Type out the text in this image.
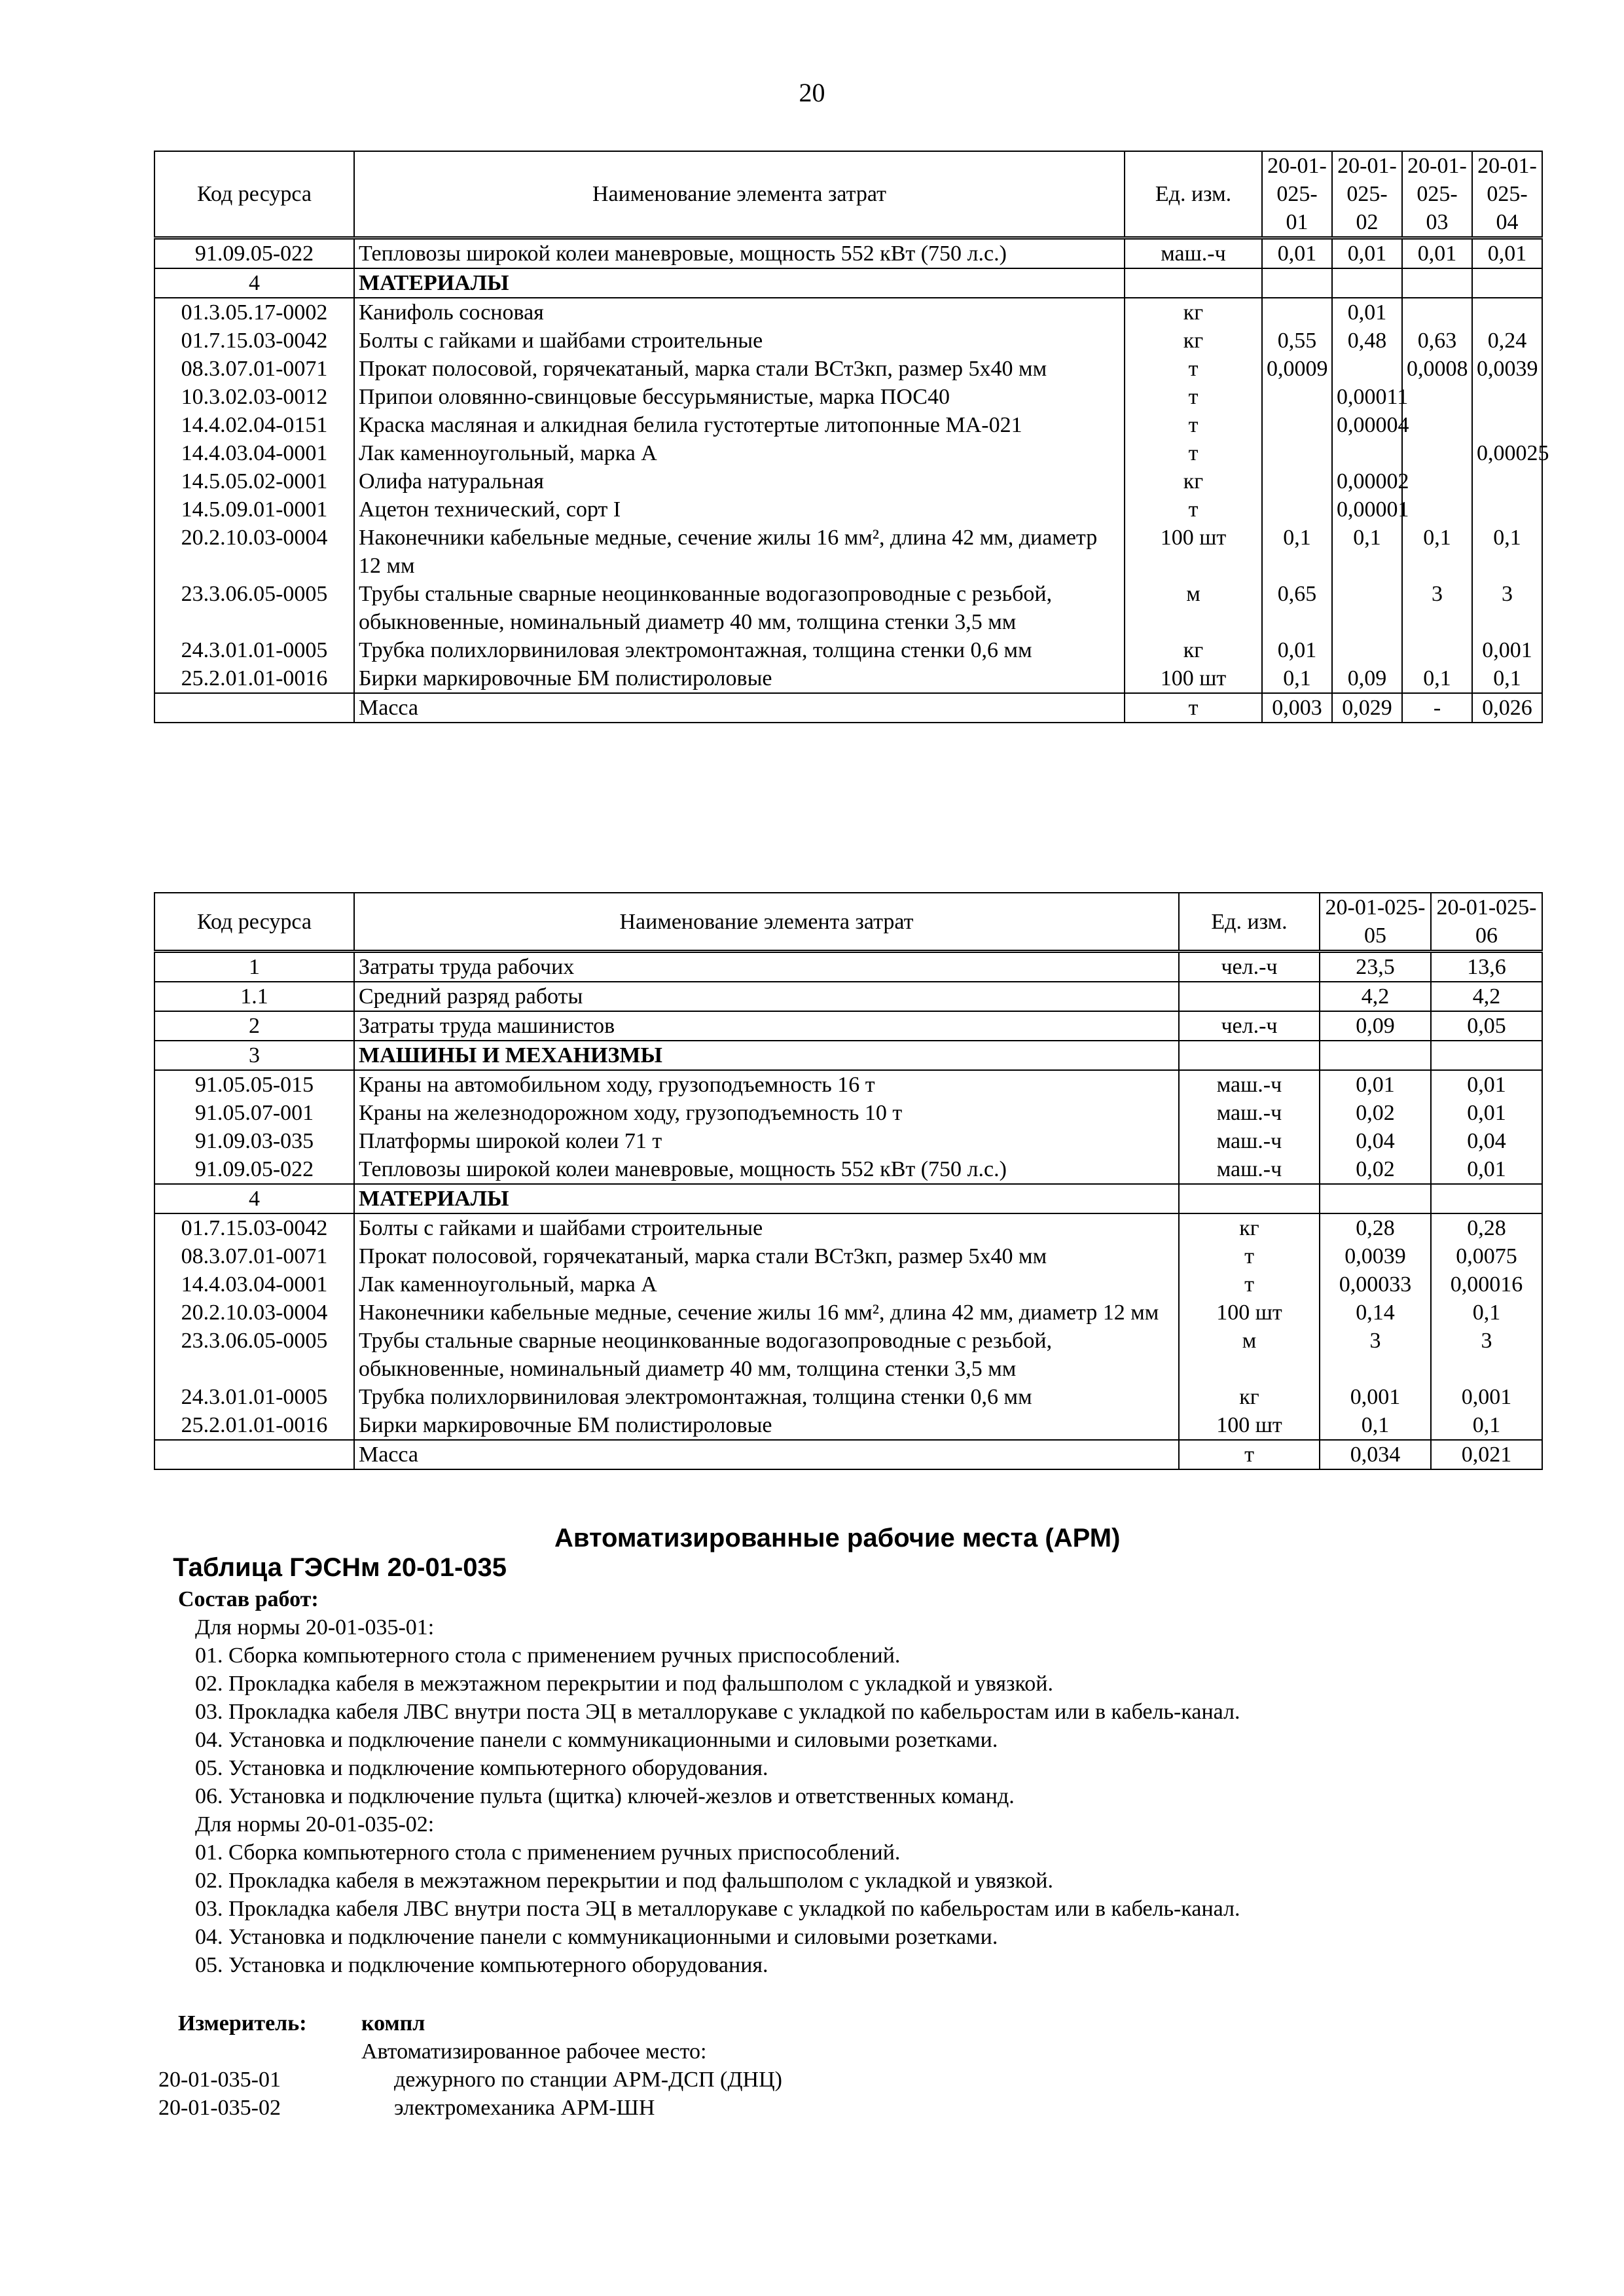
20
Код ресурса	Наименование элемента затрат	Ед. изм.	20-01-025-01	20-01-025-02	20-01-025-03	20-01-025-04
91.09.05-022	Тепловозы широкой колеи маневровые, мощность 552 кВт (750 л.с.)	маш.-ч	0,01	0,01	0,01	0,01
4	МАТЕРИАЛЫ					
01.3.05.17-0002	Канифоль сосновая	кг		0,01		
01.7.15.03-0042	Болты с гайками и шайбами строительные	кг	0,55	0,48	0,63	0,24
08.3.07.01-0071	Прокат полосовой, горячекатаный, марка стали ВСт3кп, размер 5х40 мм	т	0,0009		0,0008	0,0039
10.3.02.03-0012	Припои оловянно-свинцовые бессурьмянистые, марка ПОС40	т		0,00011		
14.4.02.04-0151	Краска масляная и алкидная белила густотертые литопонные МА-021	т		0,00004		
14.4.03.04-0001	Лак каменноугольный, марка А	т				0,00025
14.5.05.02-0001	Олифа натуральная	кг		0,00002		
14.5.09.01-0001	Ацетон технический, сорт I	т		0,00001		
20.2.10.03-0004	Наконечники кабельные медные, сечение жилы 16 мм², длина 42 мм, диаметр 12 мм	100 шт	0,1	0,1	0,1	0,1
23.3.06.05-0005	Трубы стальные сварные неоцинкованные водогазопроводные с резьбой, обыкновенные, номинальный диаметр 40 мм, толщина стенки 3,5 мм	м	0,65		3	3
24.3.01.01-0005	Трубка полихлорвиниловая электромонтажная, толщина стенки 0,6 мм	кг	0,01			0,001
25.2.01.01-0016	Бирки маркировочные БМ полистироловые	100 шт	0,1	0,09	0,1	0,1
	Масса	т	0,003	0,029	-	0,026
Код ресурса	Наименование элемента затрат	Ед. изм.	20-01-025-05	20-01-025-06
1	Затраты труда рабочих	чел.-ч	23,5	13,6
1.1	Средний разряд работы		4,2	4,2
2	Затраты труда машинистов	чел.-ч	0,09	0,05
3	МАШИНЫ И МЕХАНИЗМЫ			
91.05.05-015	Краны на автомобильном ходу, грузоподъемность 16 т	маш.-ч	0,01	0,01
91.05.07-001	Краны на железнодорожном ходу, грузоподъемность 10 т	маш.-ч	0,02	0,01
91.09.03-035	Платформы широкой колеи 71 т	маш.-ч	0,04	0,04
91.09.05-022	Тепловозы широкой колеи маневровые, мощность 552 кВт (750 л.с.)	маш.-ч	0,02	0,01
4	МАТЕРИАЛЫ			
01.7.15.03-0042	Болты с гайками и шайбами строительные	кг	0,28	0,28
08.3.07.01-0071	Прокат полосовой, горячекатаный, марка стали ВСт3кп, размер 5х40 мм	т	0,0039	0,0075
14.4.03.04-0001	Лак каменноугольный, марка А	т	0,00033	0,00016
20.2.10.03-0004	Наконечники кабельные медные, сечение жилы 16 мм², длина 42 мм, диаметр 12 мм	100 шт	0,14	0,1
23.3.06.05-0005	Трубы стальные сварные неоцинкованные водогазопроводные с резьбой, обыкновенные, номинальный диаметр 40 мм, толщина стенки 3,5 мм	м	3	3
24.3.01.01-0005	Трубка полихлорвиниловая электромонтажная, толщина стенки 0,6 мм	кг	0,001	0,001
25.2.01.01-0016	Бирки маркировочные БМ полистироловые	100 шт	0,1	0,1
	Масса	т	0,034	0,021

Таблица ГЭСНм 20-01-035

Автоматизированные рабочие места (АРМ)

Состав работ:
Для нормы 20-01-035-01:
01. Сборка компьютерного стола с применением ручных приспособлений.
02. Прокладка кабеля в межэтажном перекрытии и под фальшполом с укладкой и увязкой.
03. Прокладка кабеля ЛВС внутри поста ЭЦ в металлорукаве с укладкой по кабельростам или в кабель-канал.
04. Установка и подключение панели с коммуникационными и силовыми розетками.
05. Установка и подключение компьютерного оборудования.
06. Установка и подключение пульта (щитка) ключей-жезлов и ответственных команд.
Для нормы 20-01-035-02:
01. Сборка компьютерного стола с применением ручных приспособлений.
02. Прокладка кабеля в межэтажном перекрытии и под фальшполом с укладкой и увязкой.
03. Прокладка кабеля ЛВС внутри поста ЭЦ в металлорукаве с укладкой по кабельростам или в кабель-канал.
04. Установка и подключение панели с коммуникационными и силовыми розетками.
05. Установка и подключение компьютерного оборудования.
Измеритель: компл
Автоматизированное рабочее место:
20-01-035-01	дежурного по станции АРМ-ДСП (ДНЦ)
20-01-035-02	электромеханика АРМ-ШН
